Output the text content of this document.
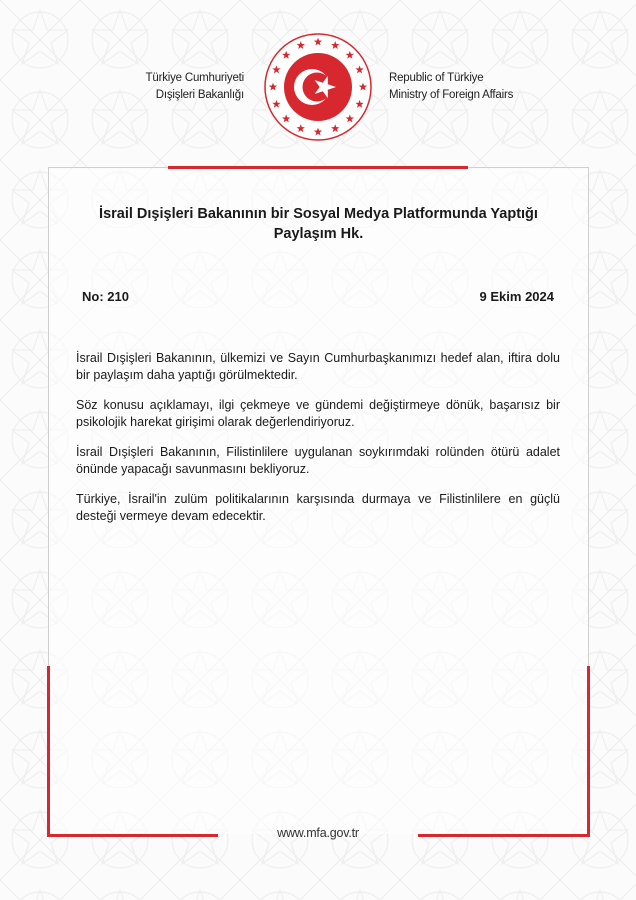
Türkiye Cumhuriyeti
Dışişleri Bakanlığı
Republic of Türkiye
Ministry of Foreign Affairs
İsrail Dışişleri Bakanının bir Sosyal Medya Platformunda Yaptığı
Paylaşım Hk.
No: 210	9 Ekim 2024

İsrail Dışişleri Bakanının, ülkemizi ve Sayın Cumhurbaşkanımızı hedef alan, iftira dolu
bir paylaşım daha yaptığı görülmektedir.

Söz konusu açıklamayı, ilgi çekmeye ve gündemi değiştirmeye dönük, başarısız bir
psikolojik harekat girişimi olarak değerlendiriyoruz.

İsrail Dışişleri Bakanının, Filistinlilere uygulanan soykırımdaki rolünden ötürü adalet
önünde yapacağı savunmasını bekliyoruz.

Türkiye, İsrail'in zulüm politikalarının karşısında durmaya ve Filistinlilere en güçlü
desteği vermeye devam edecektir.

www.mfa.gov.tr
